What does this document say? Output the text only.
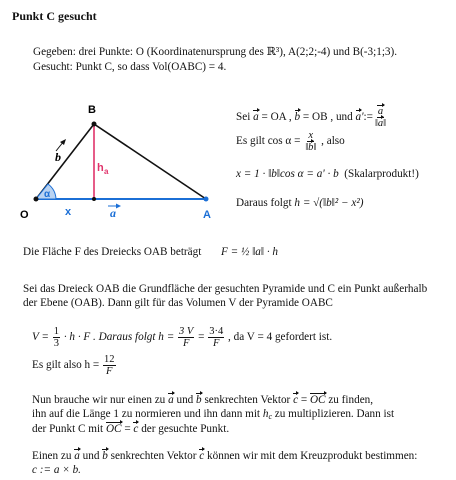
Punkt C gesucht
Gegeben: drei Punkte: O (Koordinatenursprung des ℝ³), A(2;2;-4) und B(-3;1;3).
Gesucht: Punkt C, so dass Vol(OABC) = 4.
B
O	A
α
x	a
b
h a
Sei a = OA , b = OB , und a':= $\frac{a}{‖a‖}$
Es gilt $\cos \alpha = \frac{x}{‖b‖}$ , also
x = 1 · ‖b‖cos α = a' · b (Skalarprodukt!)
Daraus folgt h = √(‖b‖² − x²)
Die Fläche F des Dreiecks OAB beträgt F = ½ ‖a‖ · h
Sei das Dreieck OAB die Grundfläche der gesuchten Pyramide und C ein Punkt außerhalb
der Ebene (OAB). Dann gilt für das Volumen V der Pyramide OABC
$V = \frac{1}{3} \cdot h \cdot F$ . Daraus folgt $h = \frac{3 V}{F} = \frac{3\cdot 4}{F}$ , da V = 4 gefordert ist.
Es gilt also $h = \frac{12}{F}$
Nun brauche wir nur einen zu a und b senkrechten Vektor c = OC zu finden,
ihn auf die Länge 1 zu normieren und ihn dann mit $h_c$ zu multiplizieren. Dann ist
der Punkt C mit OC = c der gesuchte Punkt.
Einen zu a und b senkrechten Vektor c können wir mit dem Kreuzprodukt bestimmen:
c := a × b.
